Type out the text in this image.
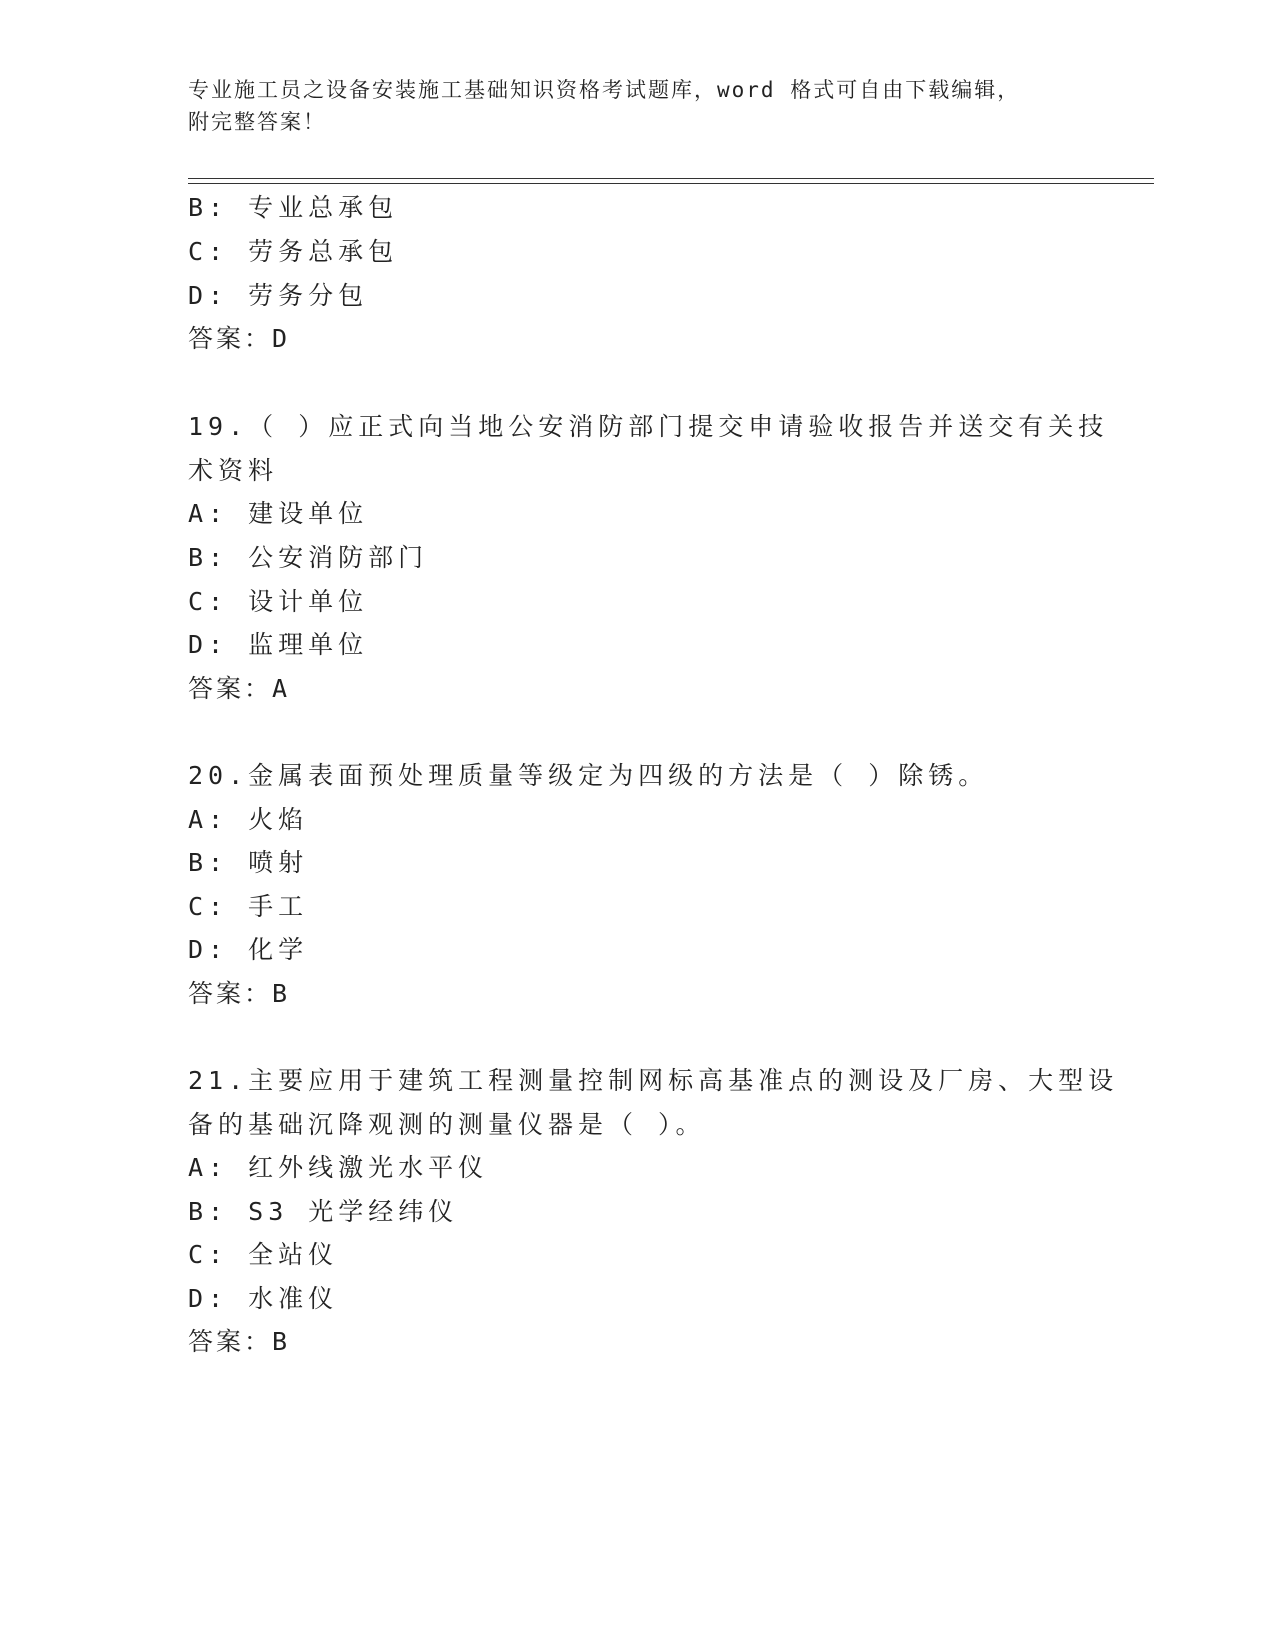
专业施工员之设备安装施工基础知识资格考试题库，word 格式可自由下载编辑，
附完整答案！
B: 专业总承包
C: 劳务总承包
D: 劳务分包
答案：D
19.（ ）应正式向当地公安消防部门提交申请验收报告并送交有关技
术资料
A: 建设单位
B: 公安消防部门
C: 设计单位
D: 监理单位
答案：A
20.金属表面预处理质量等级定为四级的方法是（ ）除锈。
A: 火焰
B: 喷射
C: 手工
D: 化学
答案：B
21.主要应用于建筑工程测量控制网标高基准点的测设及厂房、大型设
备的基础沉降观测的测量仪器是（ ）。
A: 红外线激光水平仪
B: S3 光学经纬仪
C: 全站仪
D: 水准仪
答案：B
